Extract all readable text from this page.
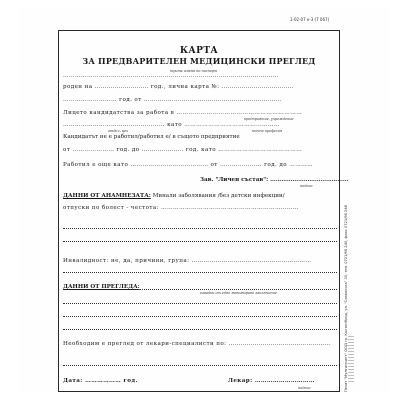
1-02-07 к-3 (7 067)
КАРТА
ЗА ПРЕДВАРИТЕЛЕН МЕДИЦИНСКИ ПРЕГЛЕД
трите имена по паспорт
………………………………………………………………………………………………
роден на ……………………… год., лична карта №: ………………………………
……………………… год. от ……………………………………………………………
Лицето кандидатства за работа в ………………………………………………………
предприятие, учреждение
…………………………………………… като …………………………………………
отдел, цех	точна професия
Кандидатът не е работил/работил е/ в същото предприятие
от ………………… год. до ………………… год. като ……………………………………
Работил е още като ………………………………… от ………………… год. до …………
Зав. "Личен състав": ……………………………………
подпис
ДАННИ ОТ АНАМНЕЗАТА: Минали заболявания /без детски инфекции/
отпуски по болест - честота: ……………………………………………………………
Инвалидност: не, да, причини, група: ……………………………………………………
ДАННИ ОТ ПРЕГЛЕДА:
извадки от едно мотивирано заключение
Необходим е преглед от лекари-специалисти по: ……………………………………………
Дата: ……………… год.	Лекар: …………………………
подпис	Печат "Мултипринт" ООД гр. Костинброд, ул. "Славянска" 30, тел. 0721/66 240, факс 0721/66 248
